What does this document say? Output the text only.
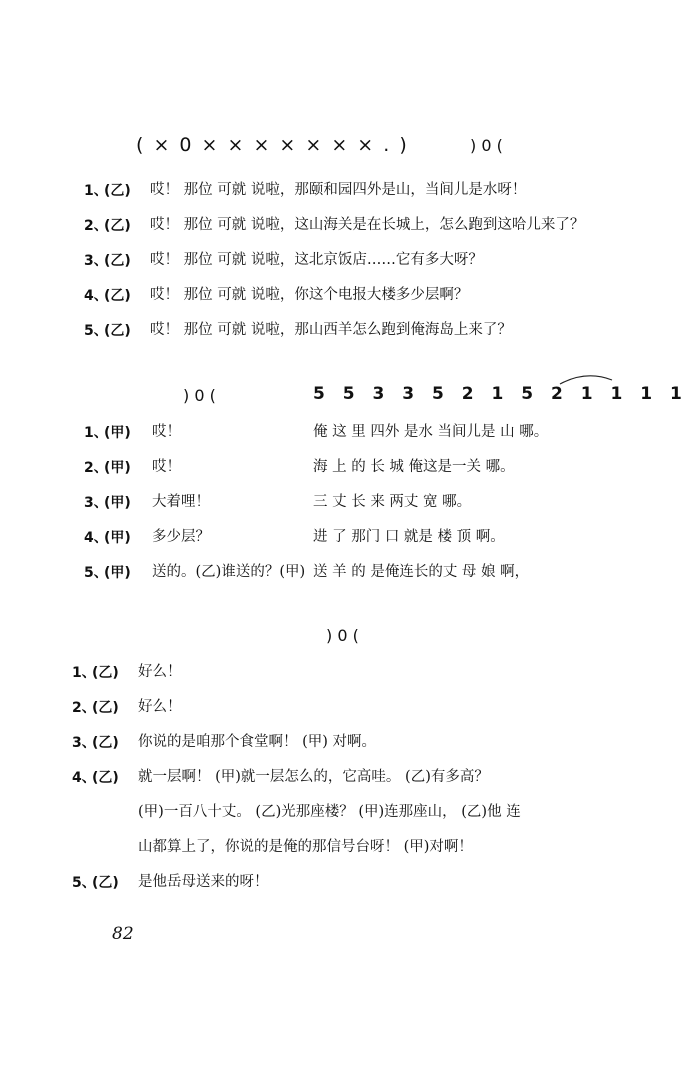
( × 0 × × × × × × × . )	) 0 (
1、
(乙) 哎！ 那位 可就 说啦，那颐和园四外是山，当间儿是水呀！
2、
(乙) 哎！ 那位 可就 说啦，这山海关是在长城上，怎么跑到这哈儿来了？
3、
(乙) 哎！ 那位 可就 说啦，这北京饭店……它有多大呀？
4、
(乙) 哎！ 那位 可就 说啦，你这个电报大楼多少层啊？
5、
(乙) 哎！ 那位 可就 说啦，那山西羊怎么跑到俺海岛上来了？
) 0 (	5 5 3 3 5 2 1 5 2 1 1 1 1
1、
(甲) 哎！	俺 这 里 四外 是水 当间儿是 山 哪。
2、
(甲) 哎！	海 上 的 长 城 俺这是一关 哪。
3、
(甲) 大着哩！	三 丈 长 来 两丈 宽 哪。
4、
(甲) 多少层？	进 了 那门 口 就是 楼 顶 啊。
5、
(甲) 送的。(乙)谁送的？(甲) 送 羊 的 是俺连长的丈 母 娘 啊，
) 0 (
1、
(乙) 好么！
2、
(乙) 好么！
3、
(乙) 你说的是咱那个食堂啊！ (甲) 对啊。
4、
(乙) 就一层啊！ (甲)就一层怎么的，它高哇。 (乙)有多高？
(甲)一百八十丈。 (乙)光那座楼？ (甲)连那座山， (乙)他 连
山都算上了，你说的是俺的那信号台呀！ (甲)对啊！
5、
(乙) 是他岳母送来的呀！
82
